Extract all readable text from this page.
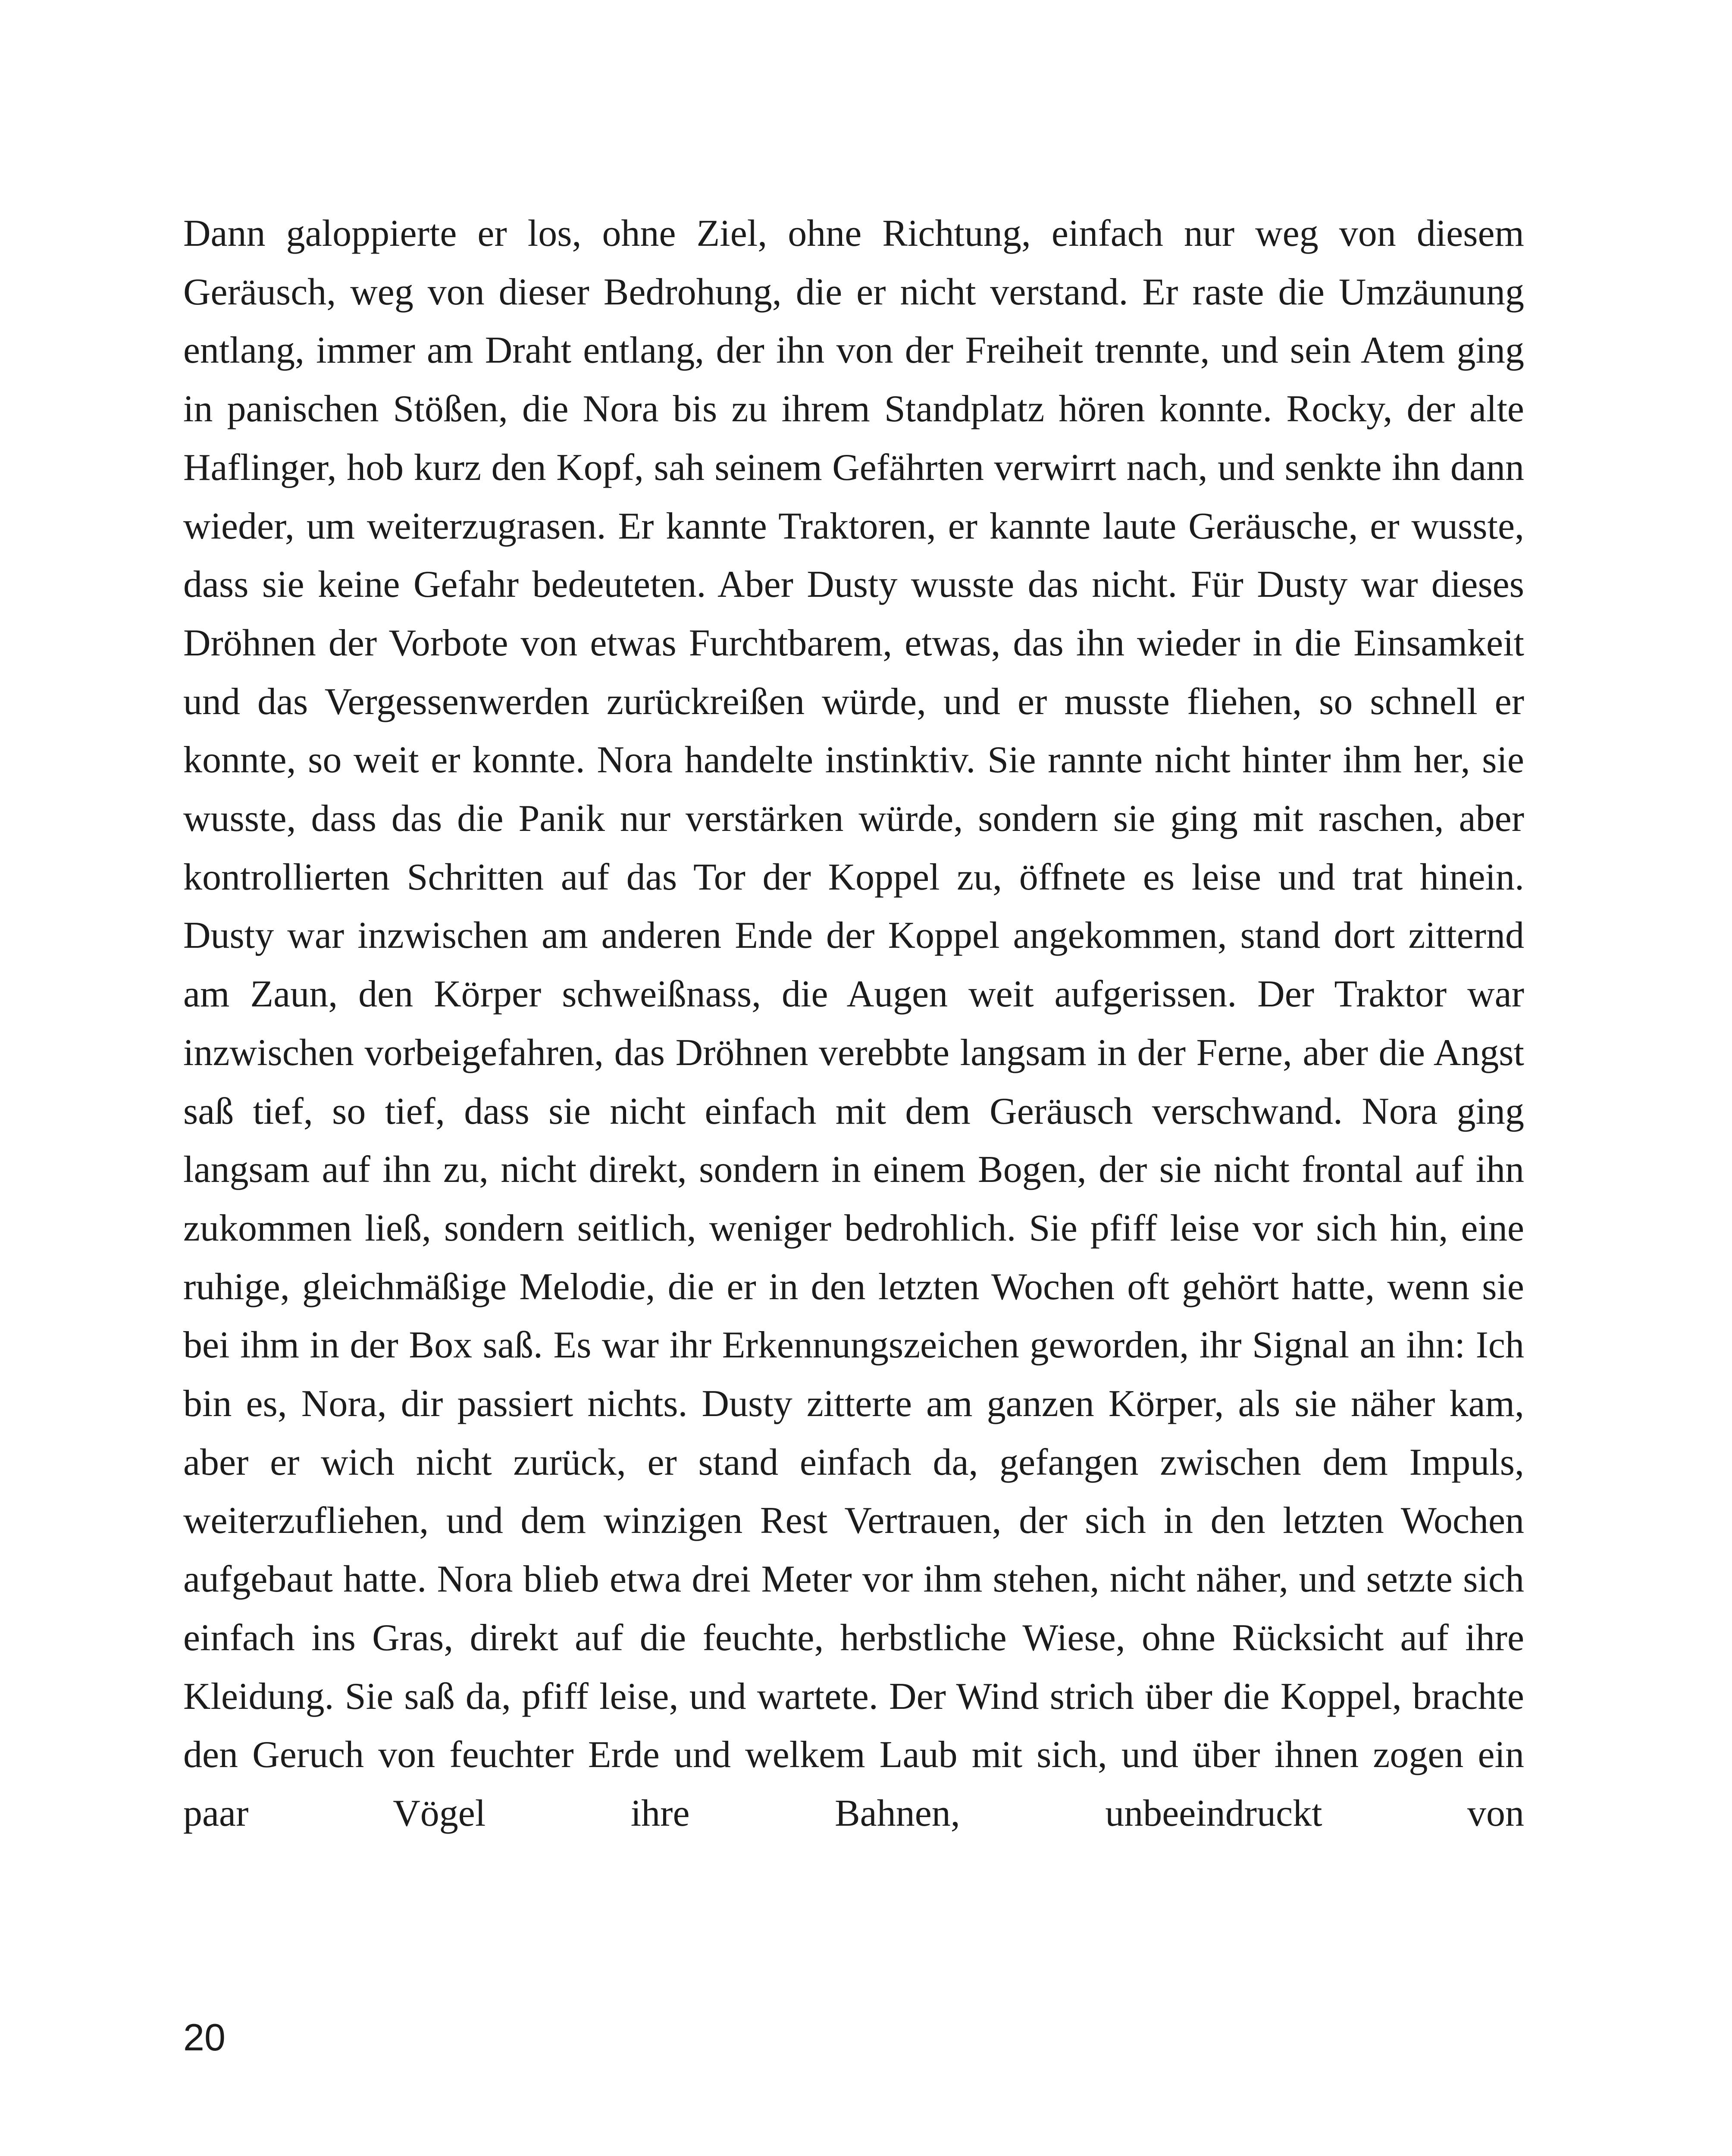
Dann galoppierte er los, ohne Ziel, ohne Richtung, einfach nur weg von diesem Geräusch, weg von dieser Bedrohung, die er nicht verstand. Er raste die Umzäunung entlang, immer am Draht entlang, der ihn von der Freiheit trennte, und sein Atem ging in panischen Stößen, die Nora bis zu ihrem Standplatz hören konnte. Rocky, der alte Haflinger, hob kurz den Kopf, sah seinem Gefährten verwirrt nach, und senkte ihn dann wieder, um weiterzugrasen. Er kannte Traktoren, er kannte laute Geräusche, er wusste, dass sie keine Gefahr bedeuteten. Aber Dusty wusste das nicht. Für Dusty war dieses Dröhnen der Vorbote von etwas Furchtbarem, etwas, das ihn wieder in die Einsamkeit und das Vergessenwerden zurückreißen würde, und er musste fliehen, so schnell er konnte, so weit er konnte. Nora handelte instinktiv. Sie rannte nicht hinter ihm her, sie wusste, dass das die Panik nur verstärken würde, sondern sie ging mit raschen, aber kontrollierten Schritten auf das Tor der Koppel zu, öffnete es leise und trat hinein. Dusty war inzwischen am anderen Ende der Koppel angekommen, stand dort zitternd am Zaun, den Körper schweißnass, die Augen weit aufgerissen. Der Traktor war inzwischen vorbeigefahren, das Dröhnen verebbte langsam in der Ferne, aber die Angst saß tief, so tief, dass sie nicht einfach mit dem Geräusch verschwand. Nora ging langsam auf ihn zu, nicht direkt, sondern in einem Bogen, der sie nicht frontal auf ihn zukommen ließ, sondern seitlich, weniger bedrohlich. Sie pfiff leise vor sich hin, eine ruhige, gleichmäßige Melodie, die er in den letzten Wochen oft gehört hatte, wenn sie bei ihm in der Box saß. Es war ihr Erkennungszeichen geworden, ihr Signal an ihn: Ich bin es, Nora, dir passiert nichts. Dusty zitterte am ganzen Körper, als sie näher kam, aber er wich nicht zurück, er stand einfach da, gefangen zwischen dem Impuls, weiterzufliehen, und dem winzigen Rest Vertrauen, der sich in den letzten Wochen aufgebaut hatte. Nora blieb etwa drei Meter vor ihm stehen, nicht näher, und setzte sich einfach ins Gras, direkt auf die feuchte, herbstliche Wiese, ohne Rücksicht auf ihre Kleidung. Sie saß da, pfiff leise, und wartete. Der Wind strich über die Koppel, brachte den Geruch von feuchter Erde und welkem Laub mit sich, und über ihnen zogen ein paar Vögel ihre Bahnen, unbeeindruckt von

20
